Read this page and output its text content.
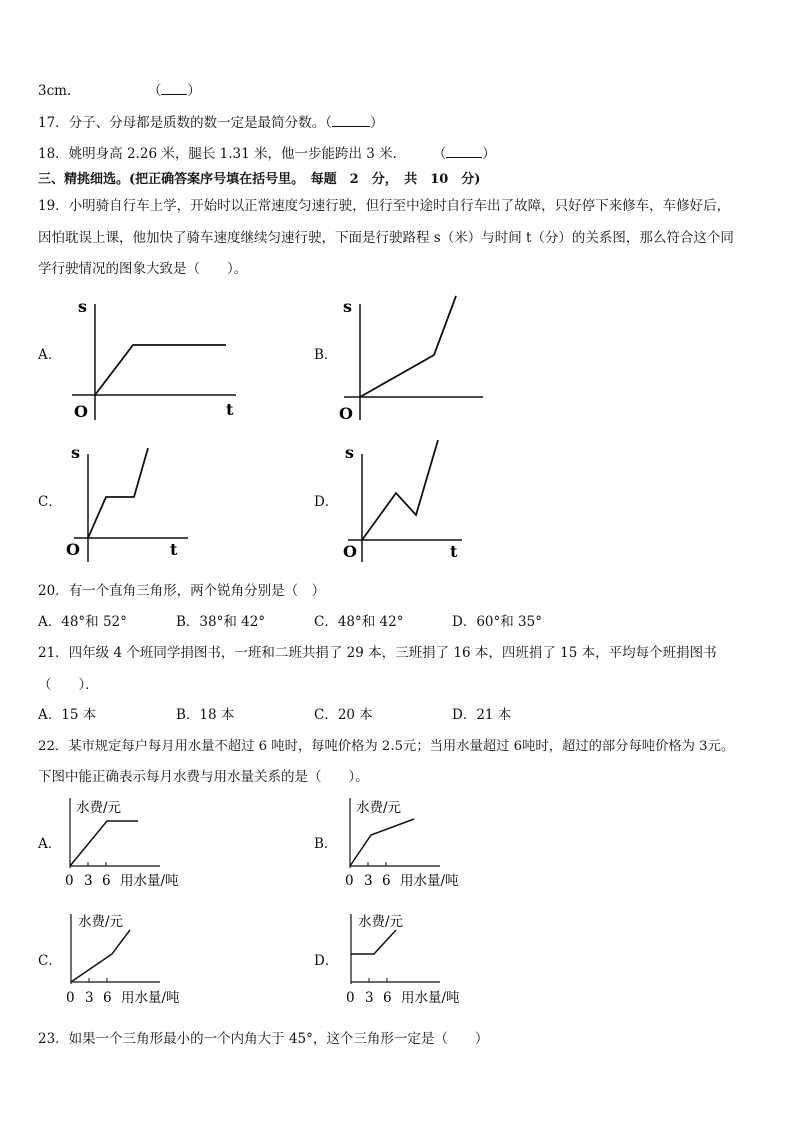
3cm.	（ ）
17．分子、分母都是质数的数一定是最简分数。（	）
18．姚明身高 2.26 米，腿长 1.31 米，他一步能跨出 3 米． （	）
三、精挑细选。(把正确答案序号填在括号里。　每题　2　分，　共　10　分)
19．小明骑自行车上学，开始时以正常速度匀速行驶，但行至中途时自行车出了故障，只好停下来修车，车修好后，
因怕耽误上课，他加快了骑车速度继续匀速行驶，下面是行驶路程 s（米）与时间 t（分）的关系图，那么符合这个同
学行驶情况的图象大致是（　　）。
A．
s
O	t
B．
s
O
C．
s
O	t
D．
s
O	t
20．有一个直角三角形，两个锐角分别是（　）
A．48°和 52°	B．38°和 42°	C．48°和 42°	D．60°和 35°
21．四年级 4 个班同学捐图书，一班和二班共捐了 29 本，三班捐了 16 本，四班捐了 15 本，平均每个班捐图书
（　　）．
A．15 本	B．18 本	C．20 本	D．21 本
22．某市规定每户每月用水量不超过 6 吨时，每吨价格为 2.5元；当用水量超过 6吨时，超过的部分每吨价格为 3元。
下图中能正确表示每月水费与用水量关系的是（　　）。
A．
水费/元
0 3 6 用水量/吨
B．
水费/元
0 3 6 用水量/吨
C．
水费/元
0 3 6 用水量/吨
D．
水费/元
0 3 6 用水量/吨
23．如果一个三角形最小的一个内角大于 45°，这个三角形一定是（　　）
